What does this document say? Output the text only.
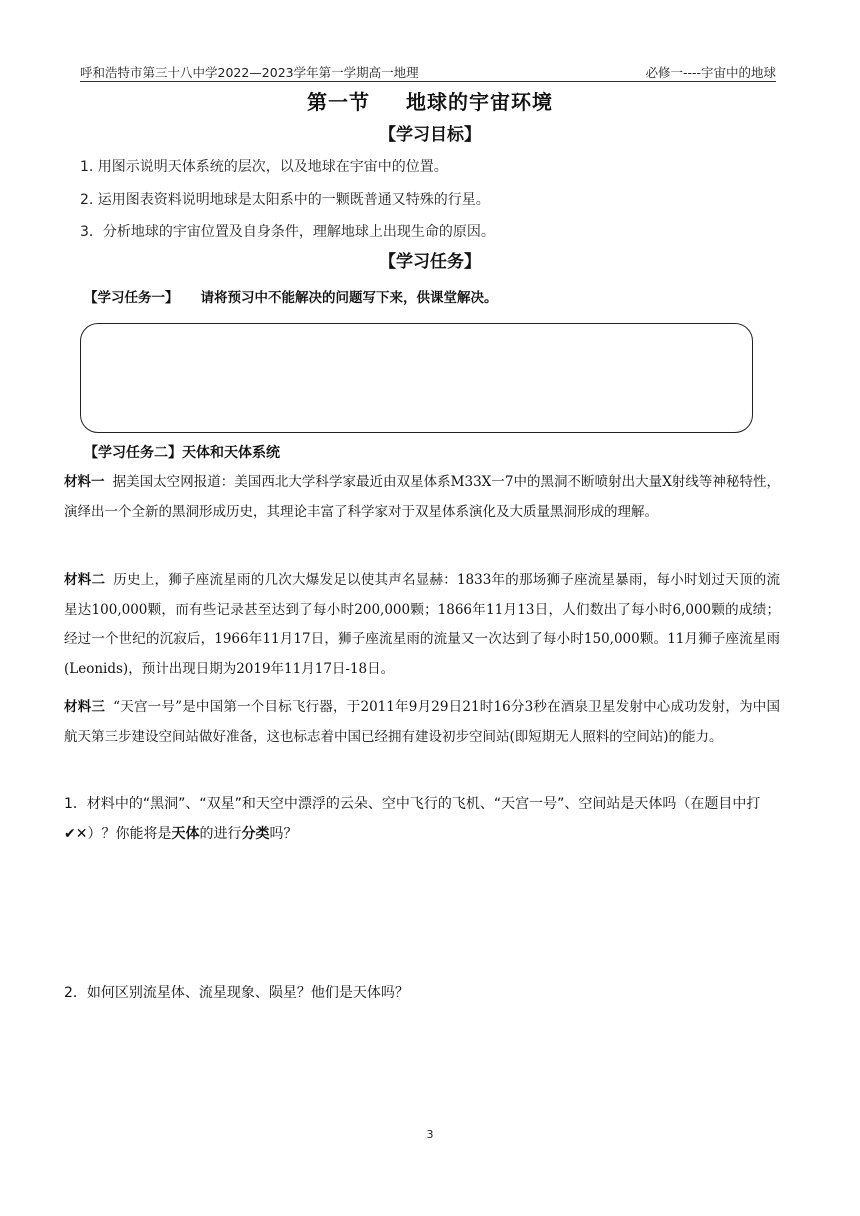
呼和浩特市第三十八中学2022—2023学年第一学期高一地理	必修一----宇宙中的地球
第一节 地球的宇宙环境
【学习目标】
1. 用图示说明天体系统的层次，以及地球在宇宙中的位置。
2. 运用图表资料说明地球是太阳系中的一颗既普通又特殊的行星。
3．分析地球的宇宙位置及自身条件，理解地球上出现生命的原因。
【学习任务】
【学习任务一】 请将预习中不能解决的问题写下来，供课堂解决。
【学习任务二】天体和天体系统
材料一 据美国太空网报道：美国西北大学科学家最近由双星体系M33X一7中的黑洞不断喷射出大量X射线等神秘特性，演绎出一个全新的黑洞形成历史，其理论丰富了科学家对于双星体系演化及大质量黑洞形成的理解。
材料二 历史上，狮子座流星雨的几次大爆发足以使其声名显赫：1833年的那场狮子座流星暴雨，每小时划过天顶的流星达100,000颗，而有些记录甚至达到了每小时200,000颗；1866年11月13日，人们数出了每小时6,000颗的成绩；经过一个世纪的沉寂后，1966年11月17日，狮子座流星雨的流量又一次达到了每小时150,000颗。11月狮子座流星雨(Leonids)，预计出现日期为2019年11月17日-18日。
材料三 “天宫一号”是中国第一个目标飞行器，于2011年9月29日21时16分3秒在酒泉卫星发射中心成功发射，为中国航天第三步建设空间站做好准备，这也标志着中国已经拥有建设初步空间站(即短期无人照料的空间站)的能力。
1．材料中的“黑洞”、“双星”和天空中漂浮的云朵、空中飞行的飞机、“天宫一号”、空间站是天体吗（在题目中打✔✕）？你能将是天体的进行分类吗？
2．如何区别流星体、流星现象、陨星？他们是天体吗？
3
